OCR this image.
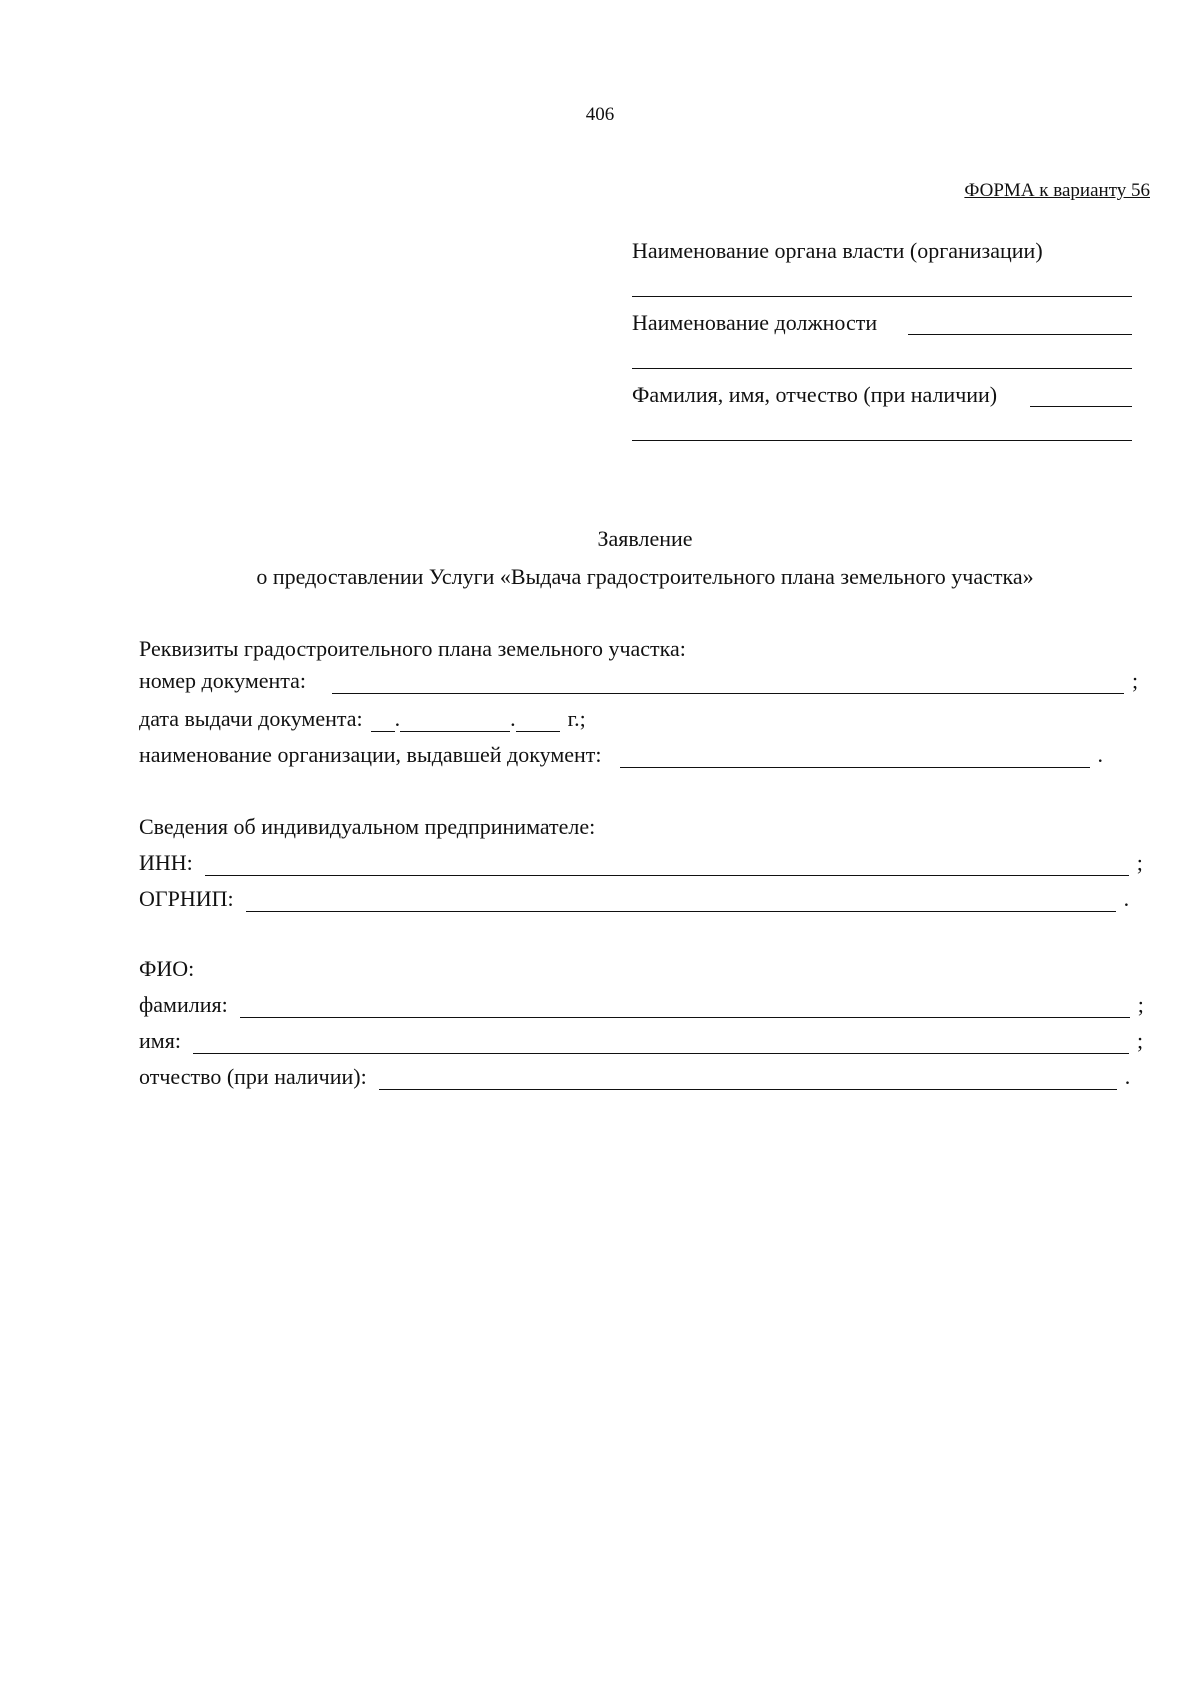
406
ФОРМА к варианту 56
Наименование органа власти (организации)
Наименование должности
Фамилия, имя, отчество (при наличии)
Заявление
о предоставлении Услуги «Выдача градостроительного плана земельного участка»
Реквизиты градостроительного плана земельного участка:
номер документа:	;
дата выдачи документа: .	. г.;
наименование организации, выдавшей документ:	.
Сведения об индивидуальном предпринимателе:
ИНН:	;
ОГРНИП:	.
ФИО:
фамилия:	;
имя:	;
отчество (при наличии):	.
